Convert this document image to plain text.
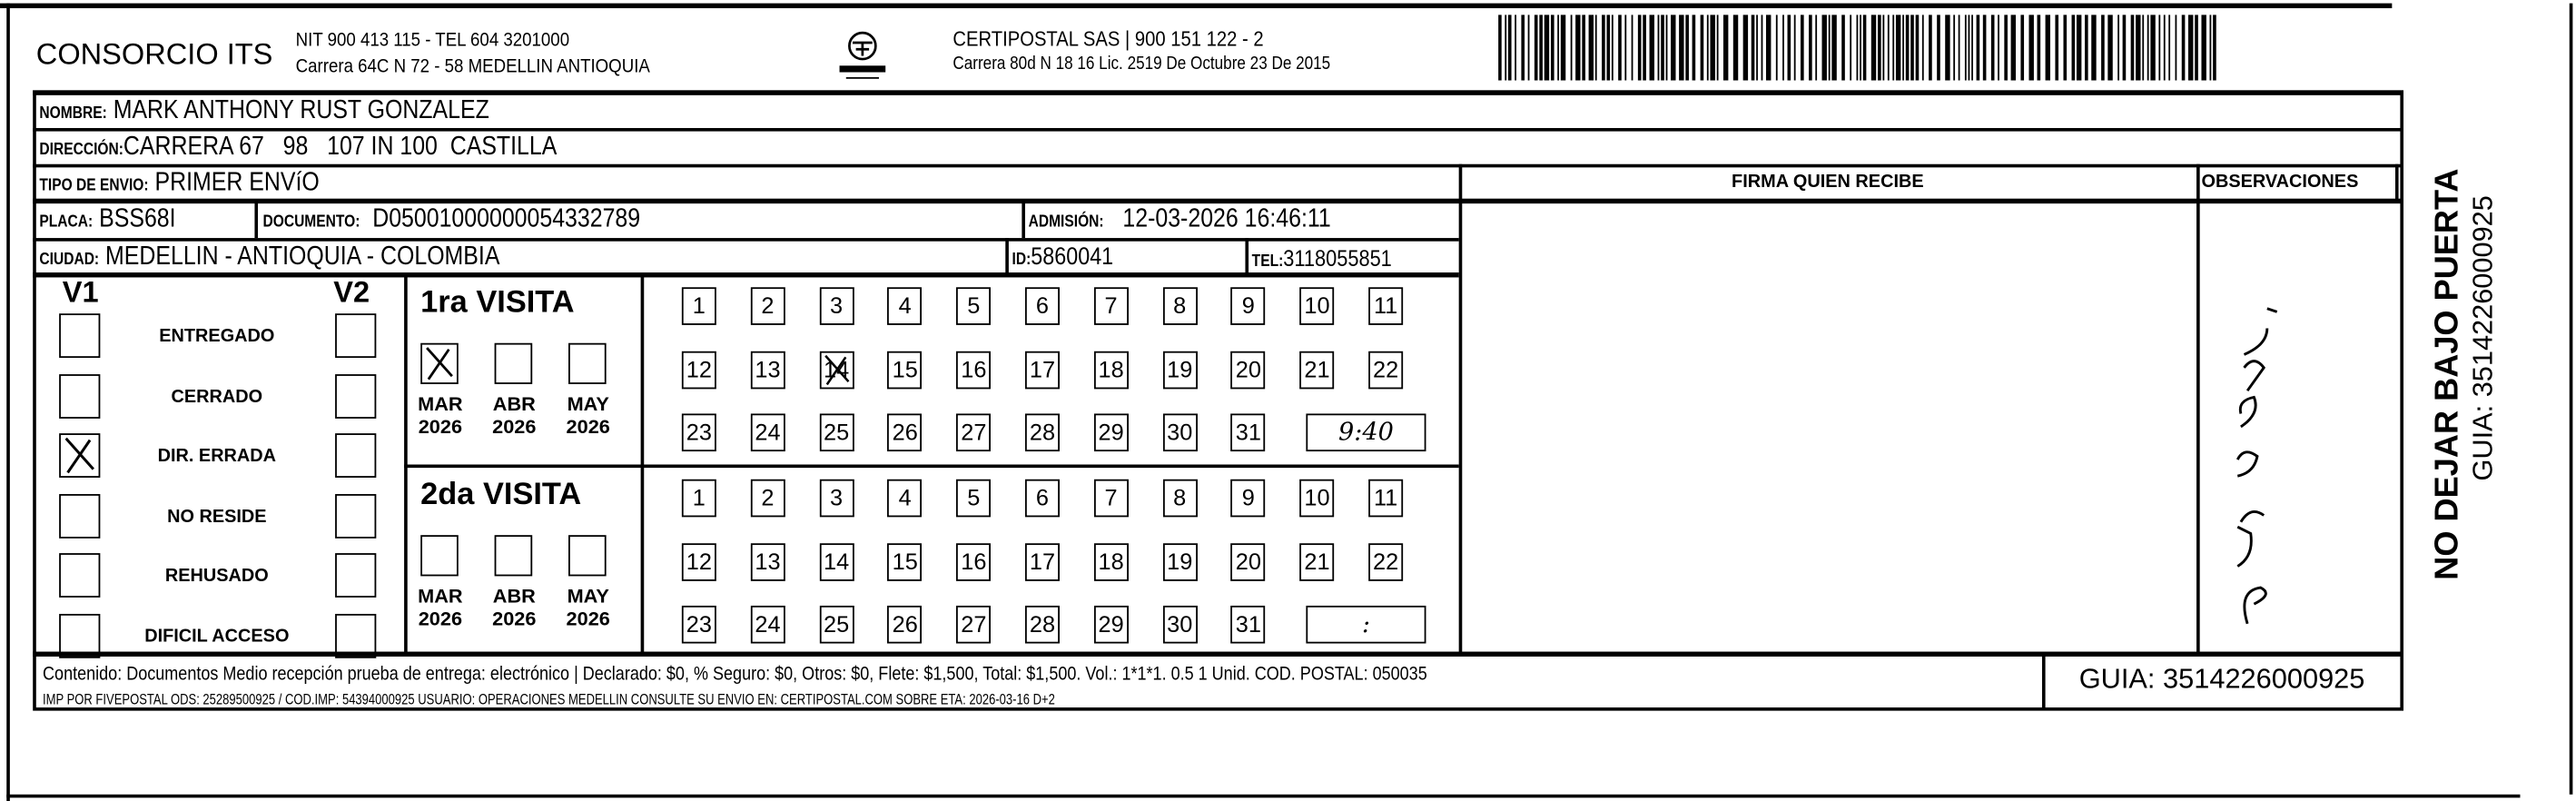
CONSORCIO ITS NIT 900 413 115 - TEL 604 3201000
Carrera 64C N 72 - 58 MEDELLIN ANTIOQUIA
CERTIPOSTAL SAS | 900 151 122 - 2
Carrera 80d N 18 16 Lic. 2519 De Octubre 23 De 2015
NOMBRE: MARK ANTHONY RUST GONZALEZ
DIRECCIÓN:CARRERA 67   98   107 IN 100  CASTILLA
TIPO DE ENVIO: PRIMER ENVíO
PLACA: BSS68I	DOCUMENTO: D05001000000054332789	ADMISIÓN: 12-03-2026 16:46:11
CIUDAD: MEDELLIN - ANTIOQUIA - COLOMBIA	ID:5860041	TEL:3118055851
FIRMA QUIEN RECIBE	OBSERVACIONES
V1	V2
ENTREGADO
CERRADO
DIR. ERRADA
NO RESIDE
REHUSADO
DIFICIL ACCESO
1ra VISITA
MAR
2026
ABR
2026
MAY
2026
1	2	3	4	5	6	7	8	9	10	11
12	13	14	15	16	17	18	19	20	21	22
23	24	25	26	27	28	29	30	31	9:40
2da VISITA
MAR
2026
ABR
2026
MAY
2026
1	2	3	4	5	6	7	8	9	10	11
12	13	14	15	16	17	18	19	20	21	22
23	24	25	26	27	28	29	30	31	:
Contenido: Documentos Medio recepción prueba de entrega: electrónico | Declarado: $0, % Seguro: $0, Otros: $0, Flete: $1,500, Total: $1,500. Vol.: 1*1*1. 0.5 1 Unid. COD. POSTAL: 050035
IMP POR FIVEPOSTAL ODS: 25289500925 / COD.IMP: 54394000925 USUARIO: OPERACIONES MEDELLIN CONSULTE SU ENVIO EN: CERTIPOSTAL.COM SOBRE ETA: 2026-03-16 D+2
GUIA: 3514226000925
NO DEJAR BAJO PUERTA GUIA: 3514226000925
